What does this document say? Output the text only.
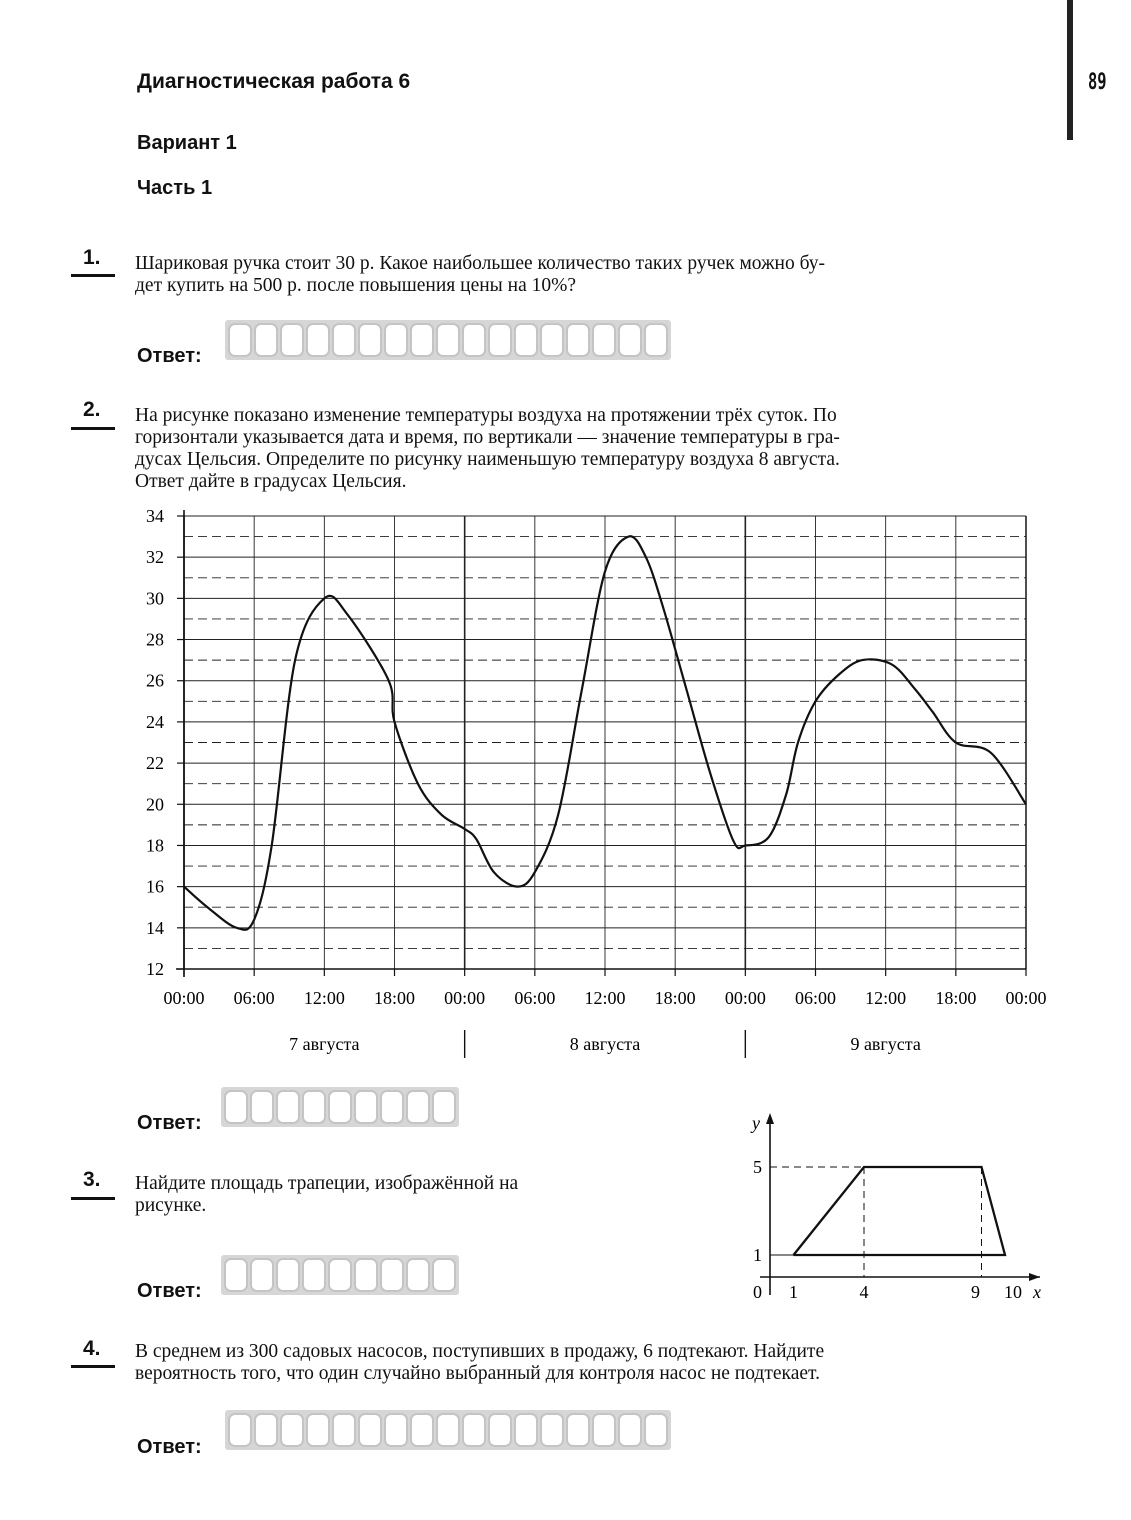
89
Диагностическая работа 6
Вариант 1
Часть 1
1. Шариковая ручка стоит 30 р. Какое наибольшее количество таких ручек можно бу-
дет купить на 500 р. после повышения цены на 10%?
Ответ:
2. На рисунке показано изменение температуры воздуха на протяжении трёх суток. По
горизонтали указывается дата и время, по вертикали — значение температуры в гра-
дусах Цельсия. Определите по рисунку наименьшую температуру воздуха 8 августа.
Ответ дайте в градусах Цельсия.
12
14
16
18
20
22
24
26
28
30
32
34
00:00 06:00 12:00 18:00 00:00 06:00 12:00 18:00 00:00 06:00 12:00 18:00 00:00
7 августа	8 августа	9 августа
Ответ:
3. Найдите площадь трапеции, изображённой на
рисунке.
Ответ:
1
5
1	4	9 10
0	x
y
4. В среднем из 300 садовых насосов, поступивших в продажу, 6 подтекают. Найдите
вероятность того, что один случайно выбранный для контроля насос не подтекает.
Ответ:
